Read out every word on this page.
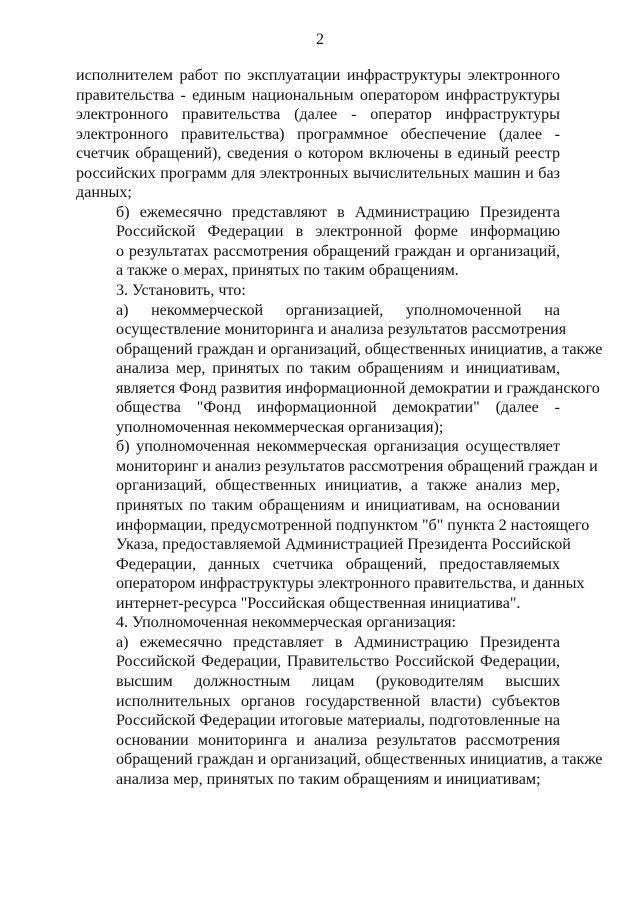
2

исполнителем работ по эксплуатации инфраструктуры электронного
правительства - единым национальным оператором инфраструктуры
электронного правительства (далее - оператор инфраструктуры
электронного правительства) программное обеспечение (далее -
счетчик обращений), сведения о котором включены в единый реестр
российских программ для электронных вычислительных машин и баз
данных;

б) ежемесячно представляют в Администрацию Президента
Российской Федерации в электронной форме информацию
о результатах рассмотрения обращений граждан и организаций,
а также о мерах, принятых по таким обращениям.

3. Установить, что:

а) некоммерческой организацией, уполномоченной на
осуществление мониторинга и анализа результатов рассмотрения
обращений граждан и организаций, общественных инициатив, а также
анализа мер, принятых по таким обращениям и инициативам,
является Фонд развития информационной демократии и гражданского
общества "Фонд информационной демократии" (далее -
уполномоченная некоммерческая организация);

б) уполномоченная некоммерческая организация осуществляет
мониторинг и анализ результатов рассмотрения обращений граждан и
организаций, общественных инициатив, а также анализ мер,
принятых по таким обращениям и инициативам, на основании
информации, предусмотренной подпунктом "б" пункта 2 настоящего
Указа, предоставляемой Администрацией Президента Российской
Федерации, данных счетчика обращений, предоставляемых
оператором инфраструктуры электронного правительства, и данных
интернет-ресурса "Российская общественная инициатива".

4. Уполномоченная некоммерческая организация:

а) ежемесячно представляет в Администрацию Президента
Российской Федерации, Правительство Российской Федерации,
высшим должностным лицам (руководителям высших
исполнительных органов государственной власти) субъектов
Российской Федерации итоговые материалы, подготовленные на
основании мониторинга и анализа результатов рассмотрения
обращений граждан и организаций, общественных инициатив, а также
анализа мер, принятых по таким обращениям и инициативам;
